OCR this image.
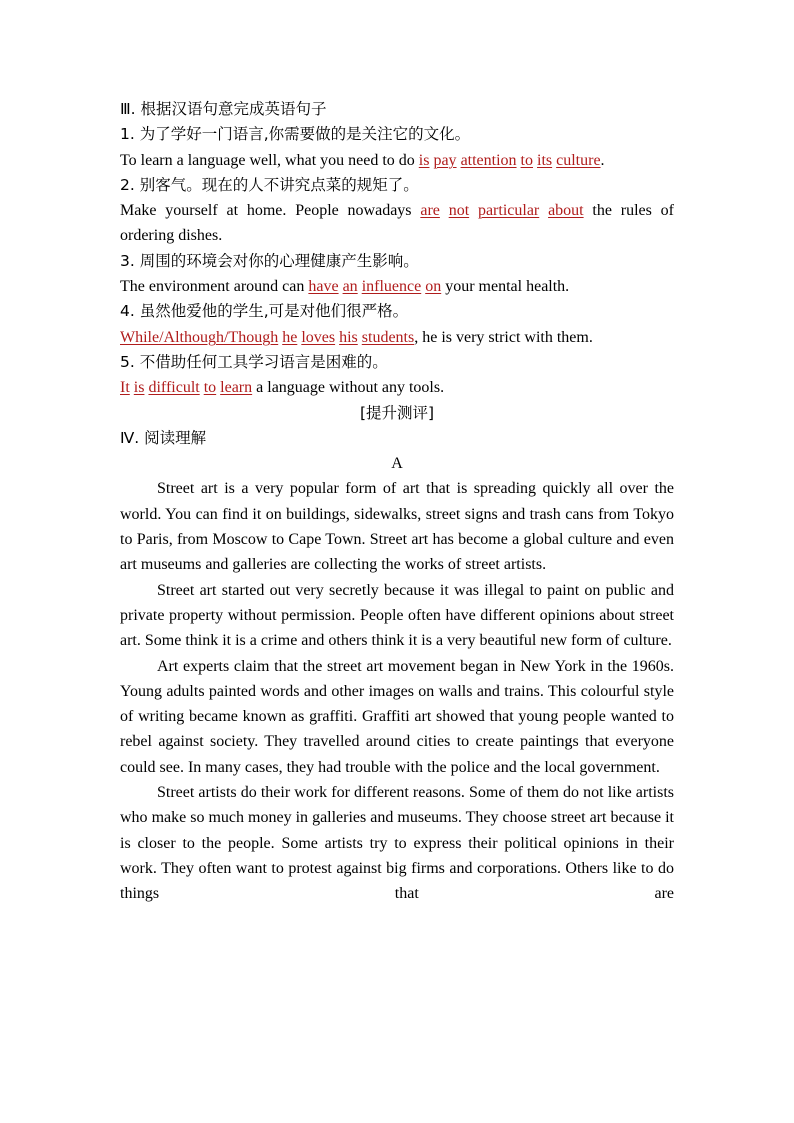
Ⅲ. 根据汉语句意完成英语句子
1. 为了学好一门语言,你需要做的是关注它的文化。
To learn a language well, what you need to do is pay attention to its culture.
2. 别客气。现在的人不讲究点菜的规矩了。
Make yourself at home. People nowadays are not particular about the rules of ordering dishes.
3. 周围的环境会对你的心理健康产生影响。
The environment around can have an influence on your mental health.
4. 虽然他爱他的学生,可是对他们很严格。
While/Although/Though he loves his students, he is very strict with them.
5. 不借助任何工具学习语言是困难的。
It is difficult to learn a language without any tools.
[提升测评]
Ⅳ. 阅读理解
A
Street art is a very popular form of art that is spreading quickly all over the world. You can find it on buildings, sidewalks, street signs and trash cans from Tokyo to Paris, from Moscow to Cape Town. Street art has become a global culture and even art museums and galleries are collecting the works of street artists.
Street art started out very secretly because it was illegal to paint on public and private property without permission. People often have different opinions about street art. Some think it is a crime and others think it is a very beautiful new form of culture.
Art experts claim that the street art movement began in New York in the 1960s. Young adults painted words and other images on walls and trains. This colourful style of writing became known as graffiti. Graffiti art showed that young people wanted to rebel against society. They travelled around cities to create paintings that everyone could see. In many cases, they had trouble with the police and the local government.
Street artists do their work for different reasons. Some of them do not like artists who make so much money in galleries and museums. They choose street art because it is closer to the people. Some artists try to express their political opinions in their work. They often want to protest against big firms and corporations. Others like to do things that are
